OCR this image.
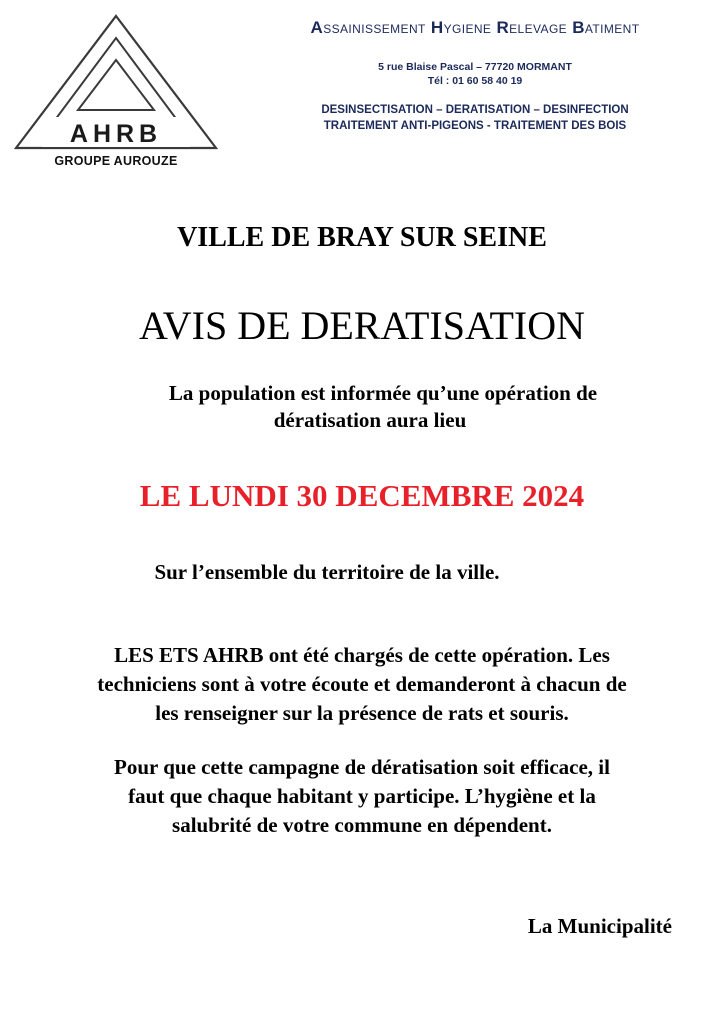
AHRB
GROUPE AUROUZE
Assainissement Hygiene Relevage Batiment
5 rue Blaise Pascal – 77720 MORMANT
Tél : 01 60 58 40 19
DESINSECTISATION – DERATISATION – DESINFECTION
TRAITEMENT ANTI-PIGEONS - TRAITEMENT DES BOIS
VILLE DE BRAY SUR SEINE
AVIS DE DERATISATION
La population est informée qu’une opération de
dératisation aura lieu
LE LUNDI 30 DECEMBRE 2024
Sur l’ensemble du territoire de la ville.

LES ETS AHRB ont été chargés de cette opération. Les
techniciens sont à votre écoute et demanderont à chacun de
les renseigner sur la présence de rats et souris.

Pour que cette campagne de dératisation soit efficace, il
faut que chaque habitant y participe. L’hygiène et la
salubrité de votre commune en dépendent.

La Municipalité
